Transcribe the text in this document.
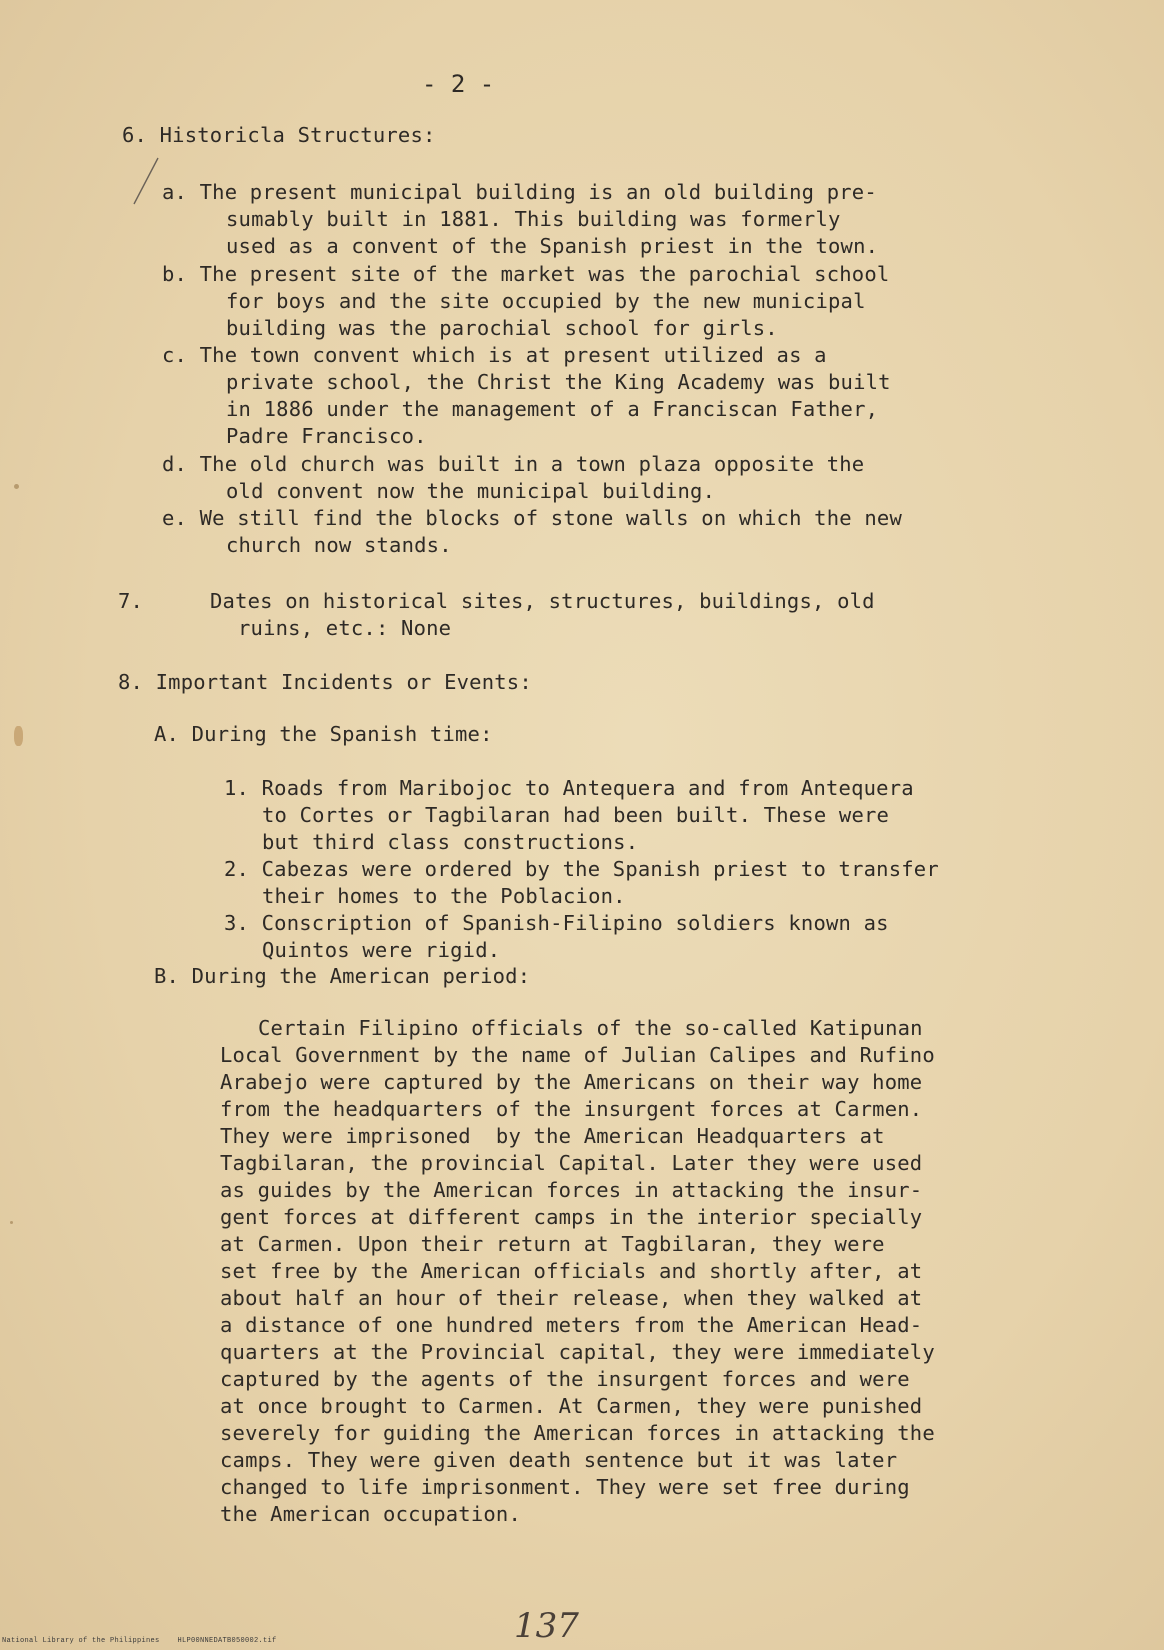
- 2 -
6. Historicla Structures:
a. The present municipal building is an old building pre-
sumably built in 1881. This building was formerly
used as a convent of the Spanish priest in the town.
b. The present site of the market was the parochial school
for boys and the site occupied by the new municipal
building was the parochial school for girls.
c. The town convent which is at present utilized as a
private school, the Christ the King Academy was built
in 1886 under the management of a Franciscan Father,
Padre Francisco.
d. The old church was built in a town plaza opposite the
old convent now the municipal building.
e. We still find the blocks of stone walls on which the new
church now stands.
7.	Dates on historical sites, structures, buildings, old
ruins, etc.: None
8. Important Incidents or Events:
A. During the Spanish time:
1. Roads from Maribojoc to Antequera and from Antequera
to Cortes or Tagbilaran had been built. These were
but third class constructions.
2. Cabezas were ordered by the Spanish priest to transfer
their homes to the Poblacion.
3. Conscription of Spanish-Filipino soldiers known as
Quintos were rigid.
B. During the American period:
Certain Filipino officials of the so-called Katipunan
Local Government by the name of Julian Calipes and Rufino
Arabejo were captured by the Americans on their way home
from the headquarters of the insurgent forces at Carmen.
They were imprisoned  by the American Headquarters at
Tagbilaran, the provincial Capital. Later they were used
as guides by the American forces in attacking the insur-
gent forces at different camps in the interior specially
at Carmen. Upon their return at Tagbilaran, they were
set free by the American officials and shortly after, at
about half an hour of their release, when they walked at
a distance of one hundred meters from the American Head-
quarters at the Provincial capital, they were immediately
captured by the agents of the insurgent forces and were
at once brought to Carmen. At Carmen, they were punished
severely for guiding the American forces in attacking the
camps. They were given death sentence but it was later
changed to life imprisonment. They were set free during
the American occupation.
137
National Library of the Philippines    HLP00NNEDATB050002.tif
